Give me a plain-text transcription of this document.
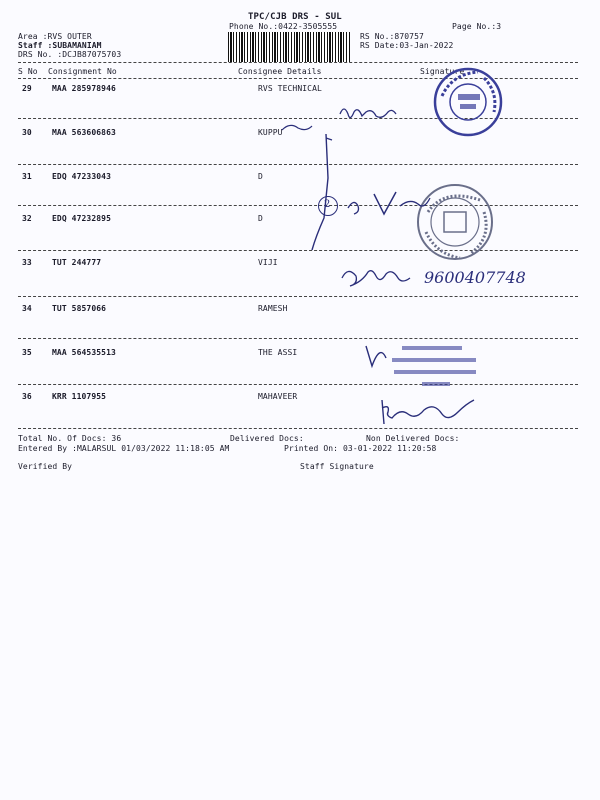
TPC/CJB DRS - SUL
Phone No.:0422-3505555	Page No.:3
Area :RVS OUTER
Staff :SUBAMANIAM
DRS No. :DCJB87075703
RS No.:870757
RS Date:03-Jan-2022
S No Consignment No	Consignee Details	Signature
29	MAA 285978946	RVS TECHNICAL
30	MAA 563606863	KUPPU
31	EDQ 47233043	D
32	EDQ 47232895	D
33	TUT 244777	VIJI
34	TUT 5857066	RAMESH
35	MAA 564535513	THE ASSI
36	KRR 1107955	MAHAVEER
Total No. Of Docs: 36	Delivered Docs:	Non Delivered Docs:
Entered By :MALARSUL 01/03/2022 11:18:05 AM	Printed On: 03-01-2022 11:20:58
Verified By	Staff Signature
2
9600407748
